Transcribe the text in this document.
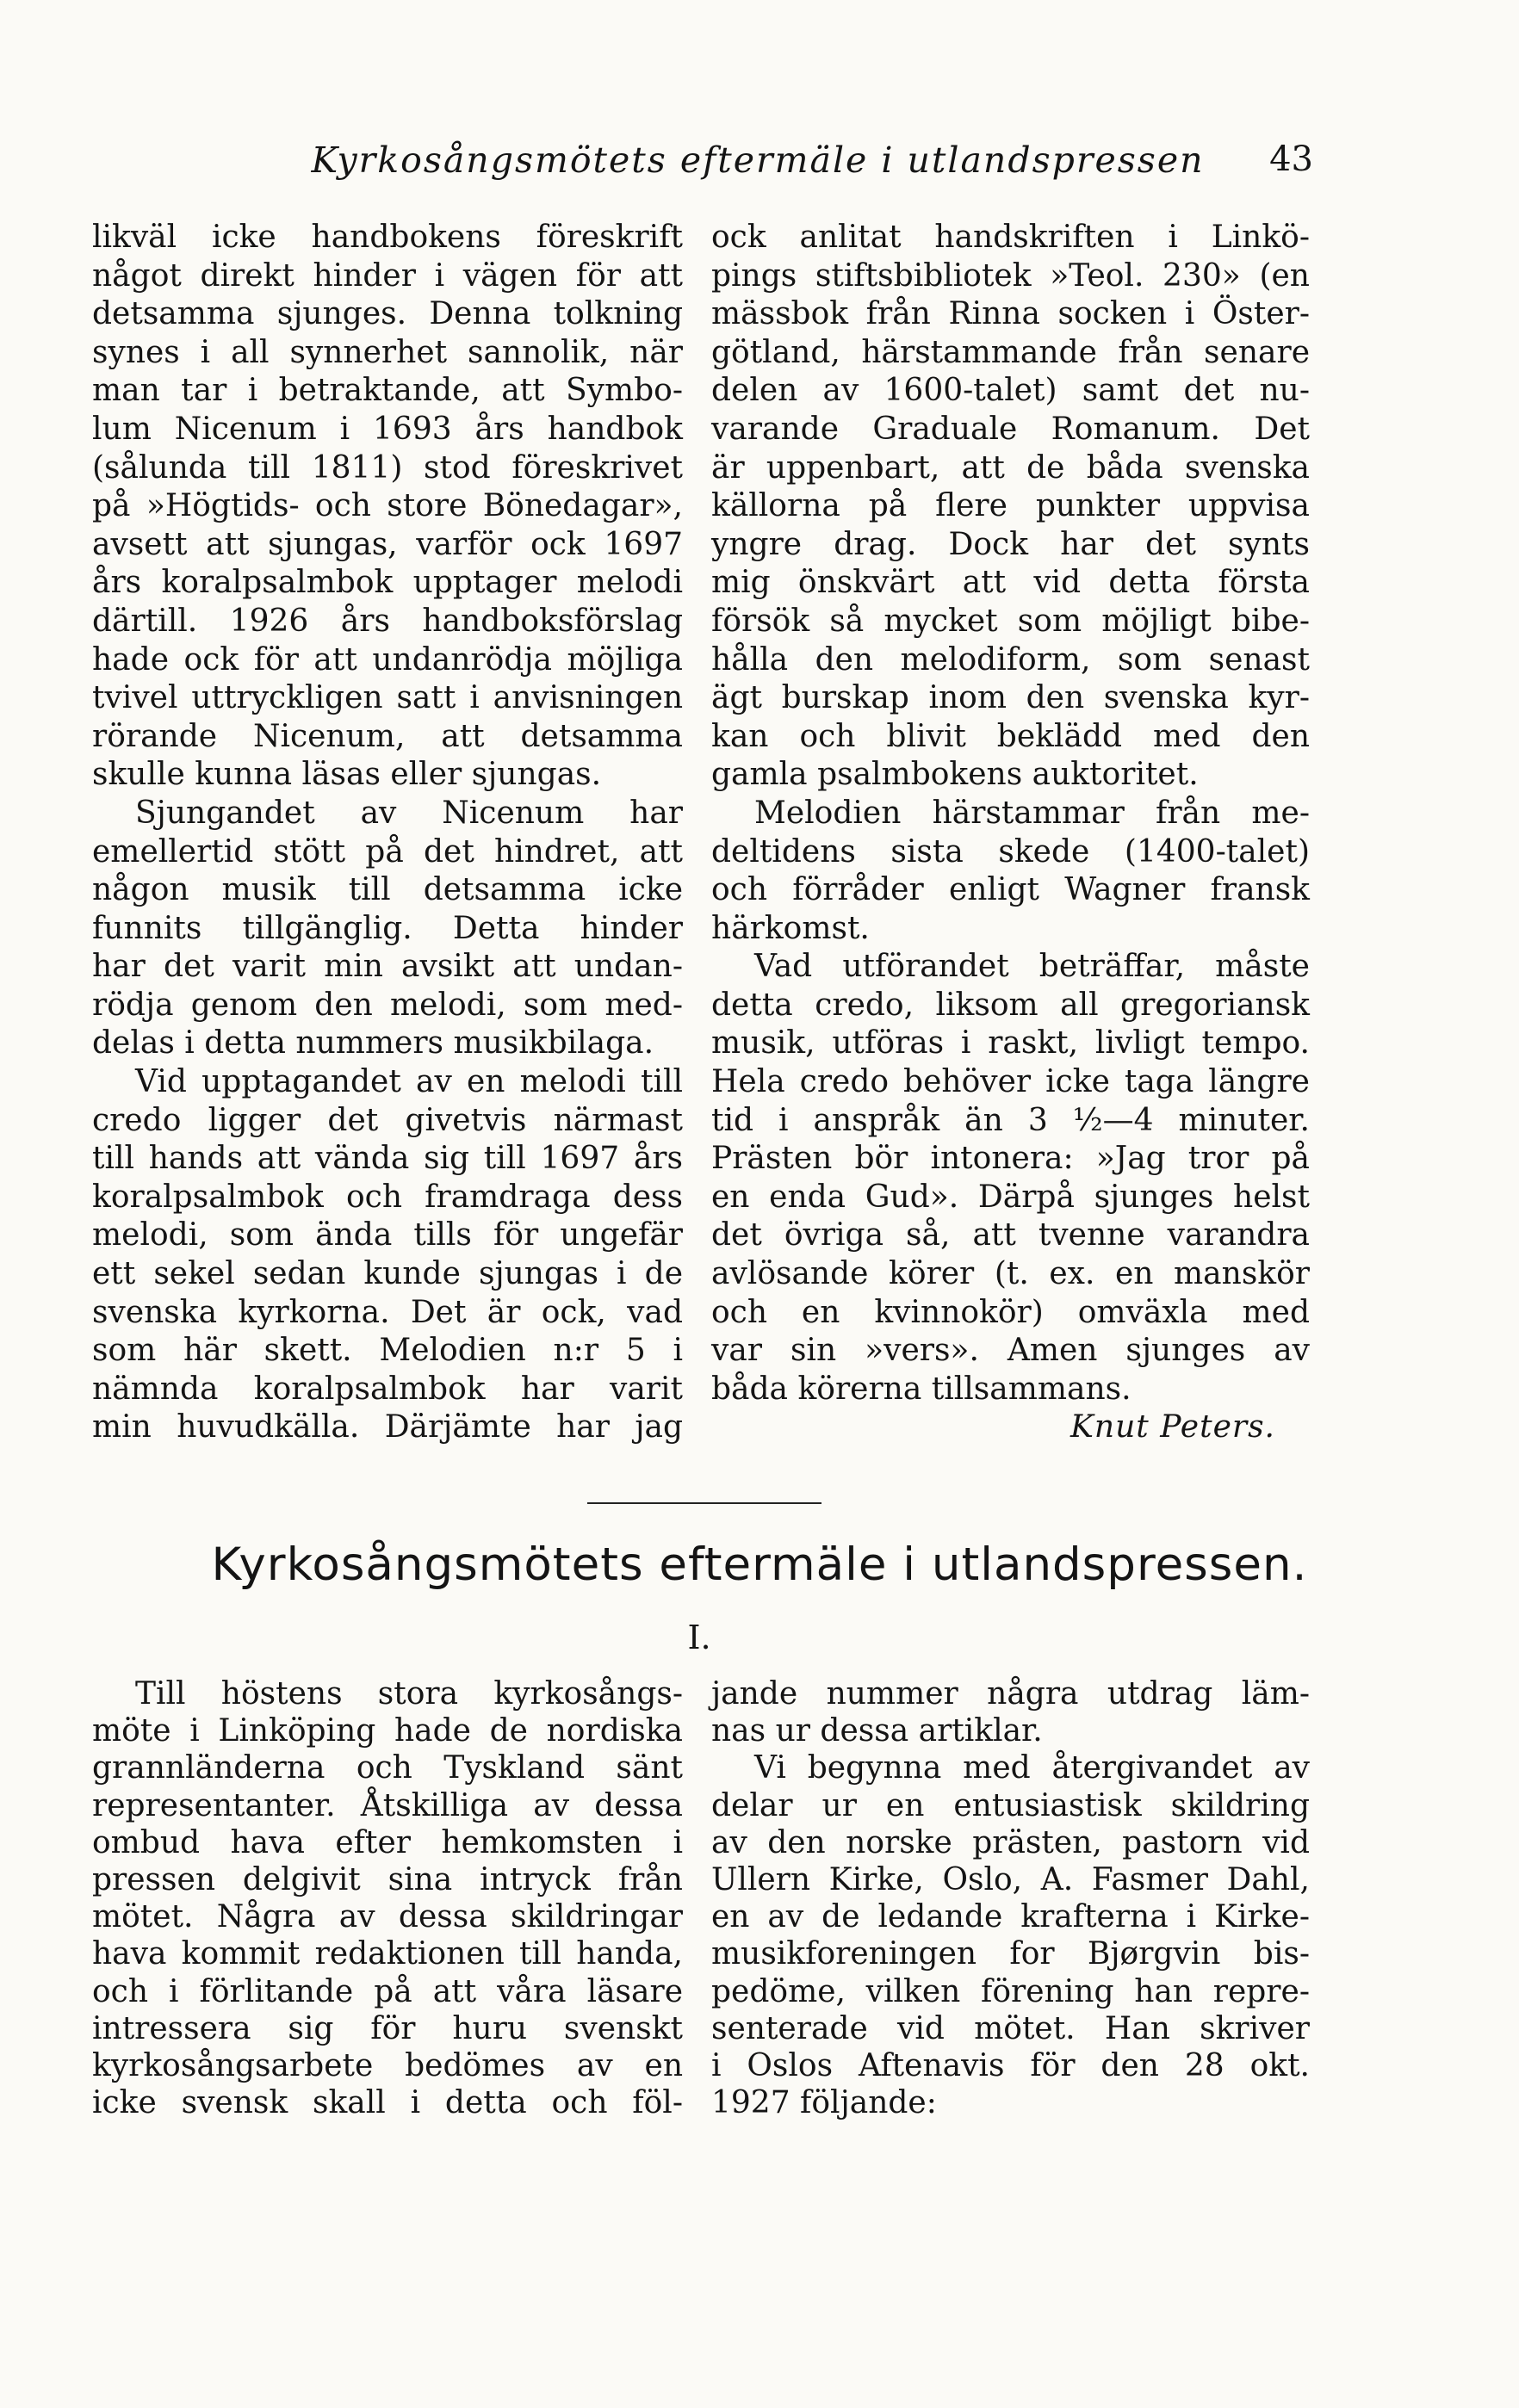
Kyrkosångsmötets eftermäle i utlandspressen	43

likväl icke handbokens föreskrift
något direkt hinder i vägen för att
detsamma sjunges. Denna tolkning
synes i all synnerhet sannolik, när
man tar i betraktande, att Symbo-
lum Nicenum i 1693 års handbok
(sålunda till 1811) stod föreskrivet
på »Högtids- och store Bönedagar»,
avsett att sjungas, varför ock 1697
års koralpsalmbok upptager melodi
därtill. 1926 års handboksförslag
hade ock för att undanrödja möjliga
tvivel uttryckligen satt i anvisningen
rörande Nicenum, att detsamma
skulle kunna läsas eller sjungas.

Sjungandet av Nicenum har
emellertid stött på det hindret, att
någon musik till detsamma icke
funnits tillgänglig. Detta hinder
har det varit min avsikt att undan-
rödja genom den melodi, som med-
delas i detta nummers musikbilaga.

Vid upptagandet av en melodi till
credo ligger det givetvis närmast
till hands att vända sig till 1697 års
koralpsalmbok och framdraga dess
melodi, som ända tills för ungefär
ett sekel sedan kunde sjungas i de
svenska kyrkorna. Det är ock, vad
som här skett. Melodien n:r 5 i
nämnda koralpsalmbok har varit
min huvudkälla. Därjämte har jag

ock anlitat handskriften i Linkö-
pings stiftsbibliotek »Teol. 230» (en
mässbok från Rinna socken i Öster-
götland, härstammande från senare
delen av 1600-talet) samt det nu-
varande Graduale Romanum. Det
är uppenbart, att de båda svenska
källorna på flere punkter uppvisa
yngre drag. Dock har det synts
mig önskvärt att vid detta första
försök så mycket som möjligt bibe-
hålla den melodiform, som senast
ägt burskap inom den svenska kyr-
kan och blivit beklädd med den
gamla psalmbokens auktoritet.

Melodien härstammar från me-
deltidens sista skede (1400-talet)
och förråder enligt Wagner fransk
härkomst.

Vad utförandet beträffar, måste
detta credo, liksom all gregoriansk
musik, utföras i raskt, livligt tempo.
Hela credo behöver icke taga längre
tid i anspråk än 3 ½—4 minuter.
Prästen bör intonera: »Jag tror på
en enda Gud». Därpå sjunges helst
det övriga så, att tvenne varandra
avlösande körer (t. ex. en manskör
och en kvinnokör) omväxla med
var sin »vers». Amen sjunges av
båda körerna tillsammans.

Knut Peters.
Kyrkosångsmötets eftermäle i utlandspressen.
I.

Till höstens stora kyrkosångs-
möte i Linköping hade de nordiska
grannländerna och Tyskland sänt
representanter. Åtskilliga av dessa
ombud hava efter hemkomsten i
pressen delgivit sina intryck från
mötet. Några av dessa skildringar
hava kommit redaktionen till handa,
och i förlitande på att våra läsare
intressera sig för huru svenskt
kyrkosångsarbete bedömes av en
icke svensk skall i detta och föl-

jande nummer några utdrag läm-
nas ur dessa artiklar.

Vi begynna med återgivandet av
delar ur en entusiastisk skildring
av den norske prästen, pastorn vid
Ullern Kirke, Oslo, A. Fasmer Dahl,
en av de ledande krafterna i Kirke-
musikforeningen for Bjørgvin bis-
pedöme, vilken förening han repre-
senterade vid mötet. Han skriver
i Oslos Aftenavis för den 28 okt.
1927 följande:
